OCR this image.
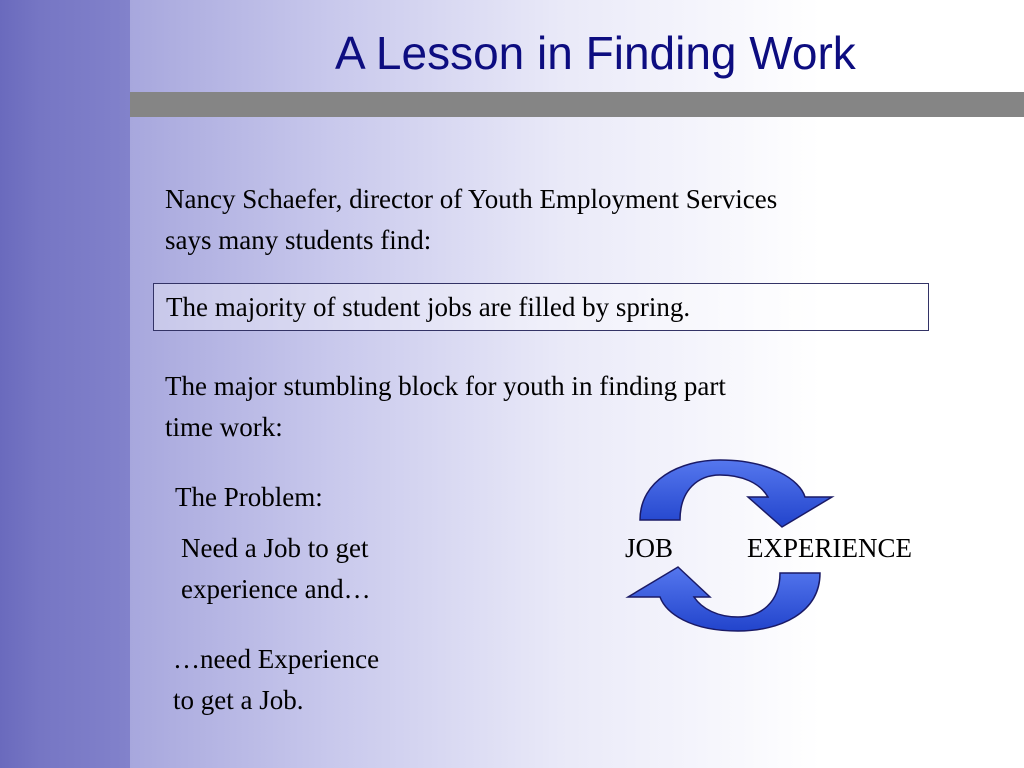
A Lesson in Finding Work
Nancy Schaefer, director of Youth Employment Services
says many students find:
The majority of student jobs are filled by spring.
The major stumbling block for youth in finding part
time work:
The Problem:
Need a Job to get
experience and…
…need Experience
to get a Job.
JOB	EXPERIENCE
